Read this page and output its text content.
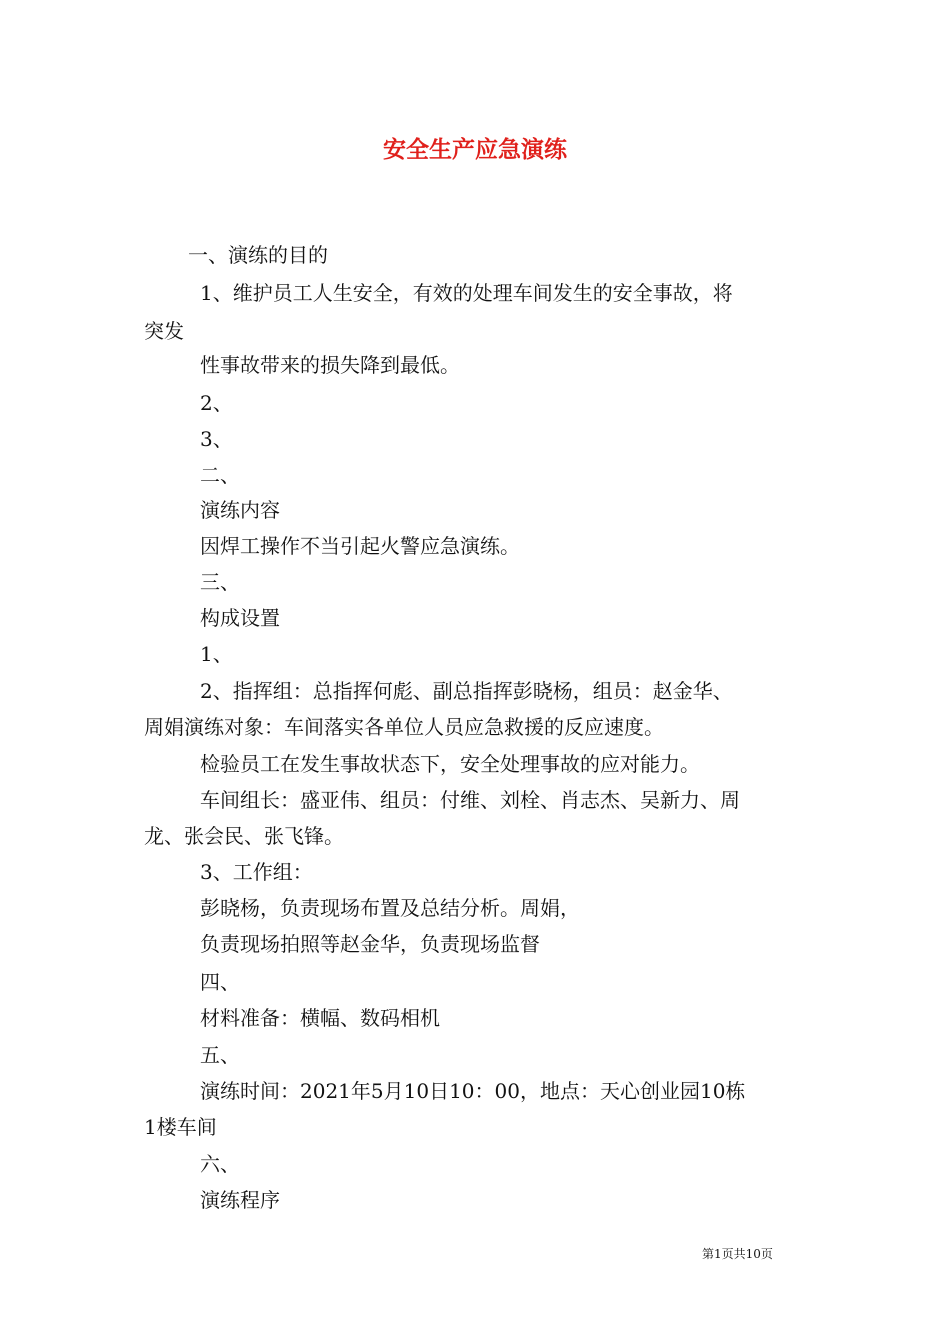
安全生产应急演练
一、演练的目的
1、维护员工人生安全，有效的处理车间发生的安全事故，将
突发
性事故带来的损失降到最低。
2、
3、
二、
演练内容
因焊工操作不当引起火警应急演练。
三、
构成设置
1、
2、指挥组：总指挥何彪、副总指挥彭晓杨，组员：赵金华、
周娟演练对象：车间落实各单位人员应急救援的反应速度。
检验员工在发生事故状态下，安全处理事故的应对能力。
车间组长：盛亚伟、组员：付维、刘栓、肖志杰、吴新力、周
龙、张会民、张飞锋。
3、工作组：
彭晓杨，负责现场布置及总结分析。周娟，
负责现场拍照等赵金华，负责现场监督
四、
材料准备：横幅、数码相机
五、
演练时间：2021年5月10日10：00，地点：天心创业园10栋
1楼车间
六、
演练程序
第1页共10页
